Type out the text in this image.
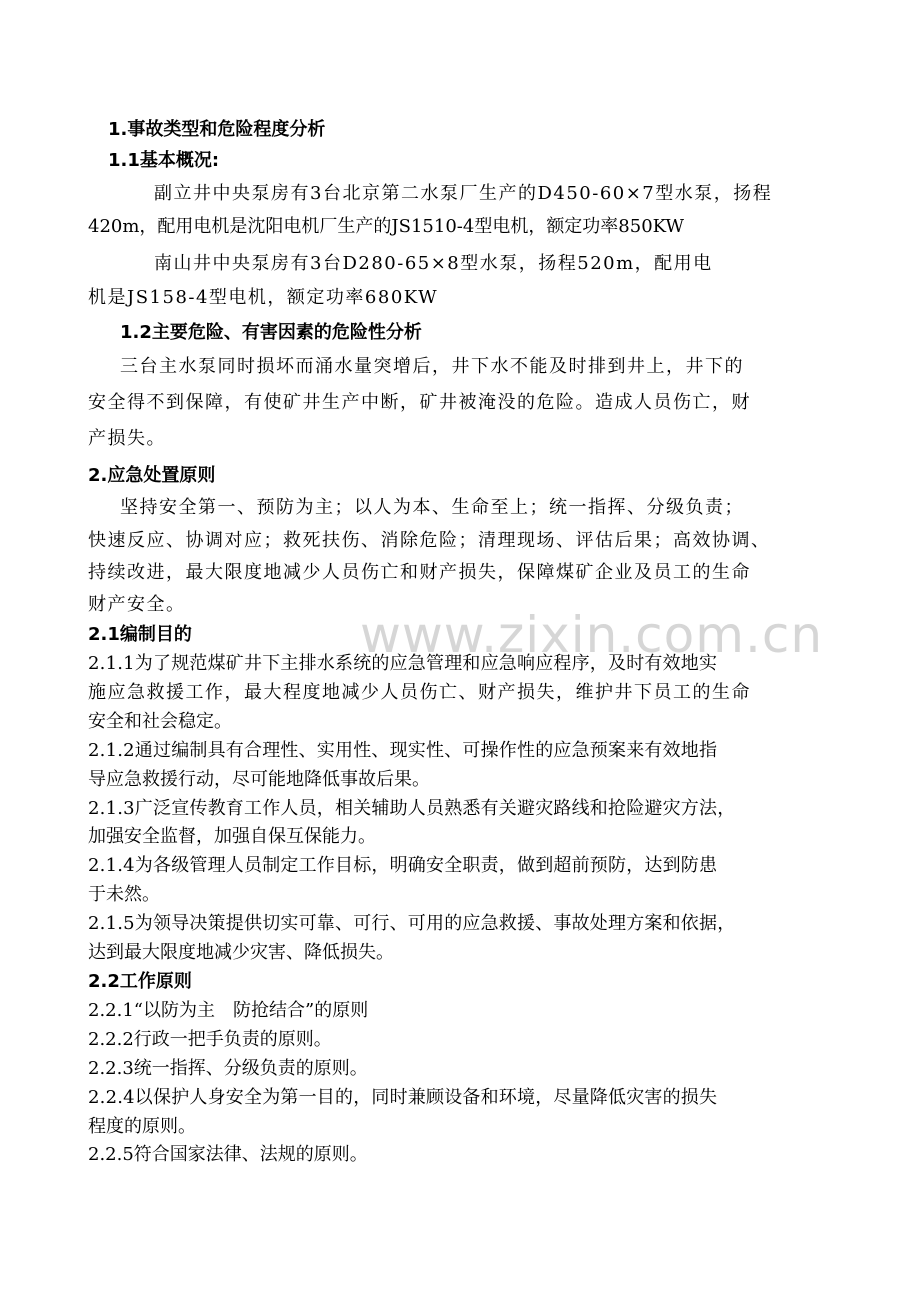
www.zixin.com.cn
1.事故类型和危险程度分析
1.1基本概况:
副立井中央泵房有3台北京第二水泵厂生产的D450-60×7型水泵，扬程
420m，配用电机是沈阳电机厂生产的JS1510-4型电机，额定功率850KW
南山井中央泵房有3台D280-65×8型水泵，扬程520m，配用电
机是JS158-4型电机，额定功率680KW
1.2主要危险、有害因素的危险性分析
三台主水泵同时损坏而涌水量突增后，井下水不能及时排到井上，井下的
安全得不到保障，有使矿井生产中断，矿井被淹没的危险。造成人员伤亡，财
产损失。
2.应急处置原则
坚持安全第一、预防为主；以人为本、生命至上；统一指挥、分级负责；
快速反应、协调对应；救死扶伤、消除危险；清理现场、评估后果；高效协调、
持续改进，最大限度地减少人员伤亡和财产损失，保障煤矿企业及员工的生命
财产安全。
2.1编制目的
2.1.1为了规范煤矿井下主排水系统的应急管理和应急响应程序，及时有效地实
施应急救援工作，最大程度地减少人员伤亡、财产损失，维护井下员工的生命
安全和社会稳定。
2.1.2通过编制具有合理性、实用性、现实性、可操作性的应急预案来有效地指
导应急救援行动，尽可能地降低事故后果。
2.1.3广泛宣传教育工作人员，相关辅助人员熟悉有关避灾路线和抢险避灾方法，
加强安全监督，加强自保互保能力。
2.1.4为各级管理人员制定工作目标，明确安全职责，做到超前预防，达到防患
于未然。
2.1.5为领导决策提供切实可靠、可行、可用的应急救援、事故处理方案和依据，
达到最大限度地减少灾害、降低损失。
2.2工作原则
2.2.1“以防为主　防抢结合”的原则
2.2.2行政一把手负责的原则。
2.2.3统一指挥、分级负责的原则。
2.2.4以保护人身安全为第一目的，同时兼顾设备和环境，尽量降低灾害的损失
程度的原则。
2.2.5符合国家法律、法规的原则。
